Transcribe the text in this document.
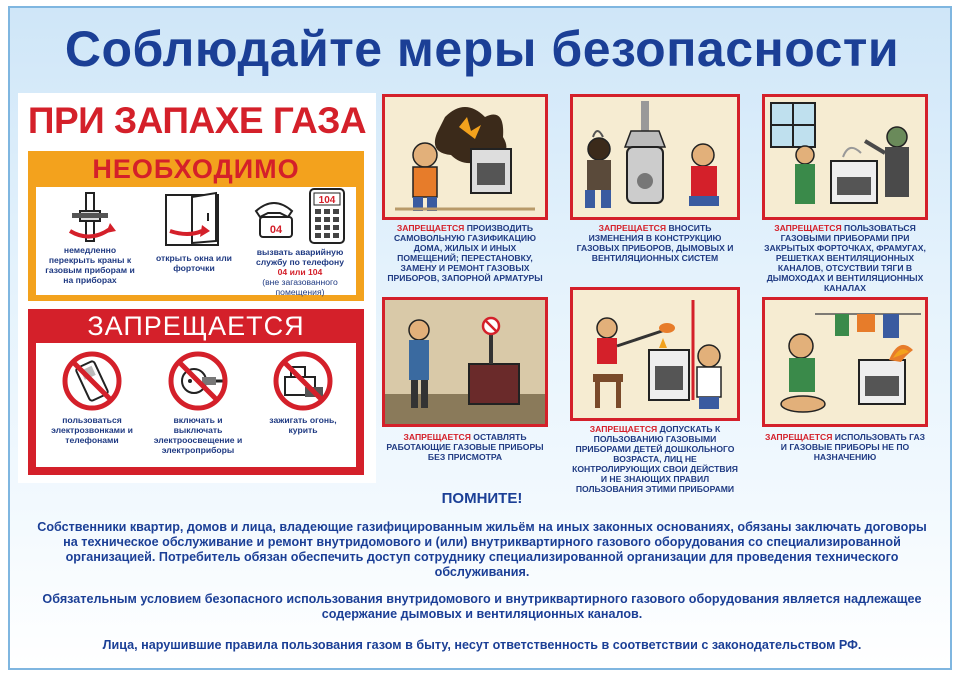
Соблюдайте меры безопасности
ПРИ ЗАПАХЕ ГАЗА
НЕОБХОДИМО
немедленно перекрыть краны к газовым приборам и на приборах
открыть окна или форточки
04
104
вызвать аварийную службу по телефону
04 или 104
(вне загазованного помещения)
ЗАПРЕЩАЕТСЯ
пользоваться электрозвонками и телефонами
включать и выключать электроосвещение и электроприборы
зажигать огонь, курить
ЗАПРЕЩАЕТСЯ ПРОИЗВОДИТЬ САМОВОЛЬНУЮ ГАЗИФИКАЦИЮ ДОМА, ЖИЛЫХ И ИНЫХ ПОМЕЩЕНИЙ; ПЕРЕСТАНОВКУ, ЗАМЕНУ И РЕМОНТ ГАЗОВЫХ ПРИБОРОВ, ЗАПОРНОЙ АРМАТУРЫ
ЗАПРЕЩАЕТСЯ ВНОСИТЬ ИЗМЕНЕНИЯ В КОНСТРУКЦИЮ ГАЗОВЫХ ПРИБОРОВ, ДЫМОВЫХ И ВЕНТИЛЯЦИОННЫХ СИСТЕМ
ЗАПРЕЩАЕТСЯ ПОЛЬЗОВАТЬСЯ ГАЗОВЫМИ ПРИБОРАМИ ПРИ ЗАКРЫТЫХ ФОРТОЧКАХ, ФРАМУГАХ, РЕШЕТКАХ ВЕНТИЛЯЦИОННЫХ КАНАЛОВ, ОТСУСТВИИ ТЯГИ В ДЫМОХОДАХ И ВЕНТИЛЯЦИОННЫХ КАНАЛАХ
ЗАПРЕЩАЕТСЯ ОСТАВЛЯТЬ РАБОТАЮЩИЕ ГАЗОВЫЕ ПРИБОРЫ БЕЗ ПРИСМОТРА
ЗАПРЕЩАЕТСЯ ДОПУСКАТЬ К ПОЛЬЗОВАНИЮ ГАЗОВЫМИ ПРИБОРАМИ ДЕТЕЙ ДОШКОЛЬНОГО ВОЗРАСТА, ЛИЦ НЕ КОНТРОЛИРУЮЩИХ СВОИ ДЕЙСТВИЯ И НЕ ЗНАЮЩИХ ПРАВИЛ ПОЛЬЗОВАНИЯ ЭТИМИ ПРИБОРАМИ
ЗАПРЕЩАЕТСЯ ИСПОЛЬЗОВАТЬ ГАЗ И ГАЗОВЫЕ ПРИБОРЫ НЕ ПО НАЗНАЧЕНИЮ
ПОМНИТЕ!
Собственники квартир, домов и лица, владеющие газифицированным жильём на иных законных основаниях, обязаны заключать договоры на техническое обслуживание и ремонт внутридомового и (или) внутриквартирного газового оборудования со специализированной организацией. Потребитель обязан обеспечить доступ сотруднику специализированной организации для проведения технического обслуживания.
Обязательным условием безопасного использования внутридомового и внутриквартирного газового оборудования является надлежащее содержание дымовых и вентиляционных каналов.
Лица, нарушившие правила пользования газом в быту, несут ответственность в соответствии с законодательством РФ.
